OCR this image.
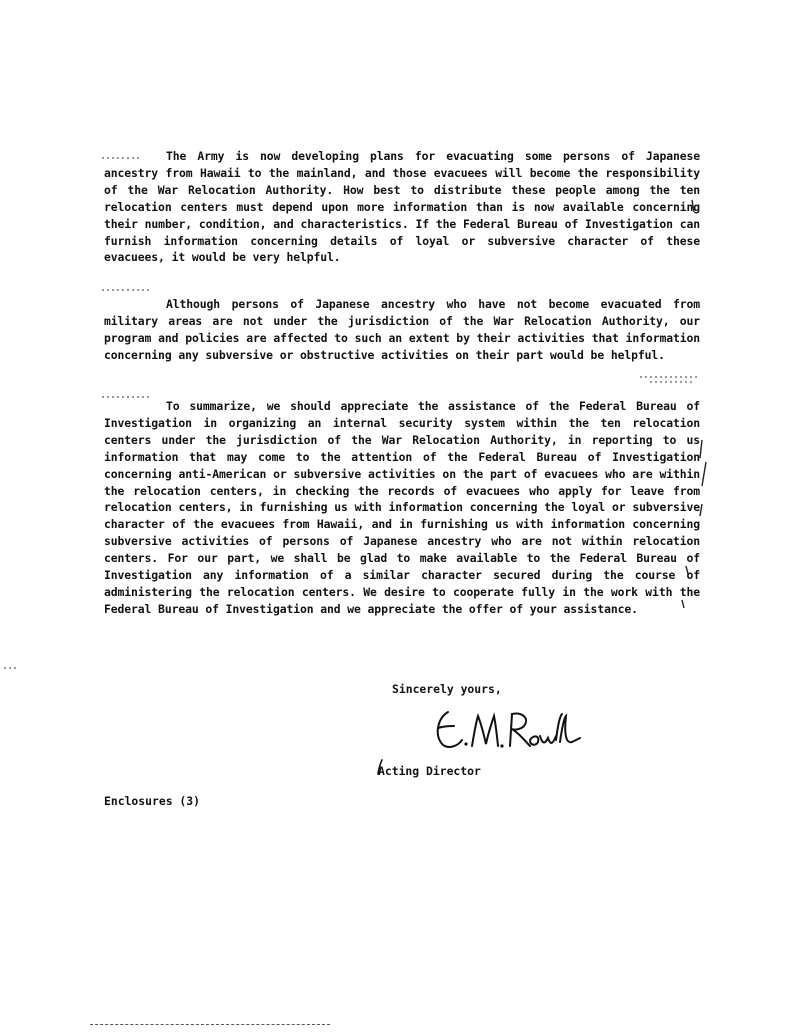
The Army is now developing plans for evacuating some persons of Japanese ancestry from Hawaii to the mainland, and those evacuees will become the responsibility of the War Relocation Authority. How best to distribute these people among the ten relocation centers must depend upon more information than is now available concerning their number, condition, and characteristics. If the Federal Bureau of Investigation can furnish information concerning details of loyal or subversive character of these evacuees, it would be very helpful.

Although persons of Japanese ancestry who have not become evacuated from military areas are not under the jurisdiction of the War Relocation Authority, our program and policies are affected to such an extent by their activities that information concerning any subversive or obstructive activities on their part would be helpful.

To summarize, we should appreciate the assistance of the Federal Bureau of Investigation in organizing an internal security system within the ten relocation centers under the jurisdiction of the War Relocation Authority, in reporting to us information that may come to the attention of the Federal Bureau of Investigation concerning anti-American or subversive activities on the part of evacuees who are within the relocation centers, in checking the records of evacuees who apply for leave from relocation centers, in furnishing us with information concerning the loyal or subversive character of the evacuees from Hawaii, and in furnishing us with information concerning subversive activities of persons of Japanese ancestry who are not within relocation centers. For our part, we shall be glad to make available to the Federal Bureau of Investigation any information of a similar character secured during the course of administering the relocation centers. We desire to cooperate fully in the work with the Federal Bureau of Investigation and we appreciate the offer of your assistance.

Sincerely yours,
Acting Director
Enclosures (3)
